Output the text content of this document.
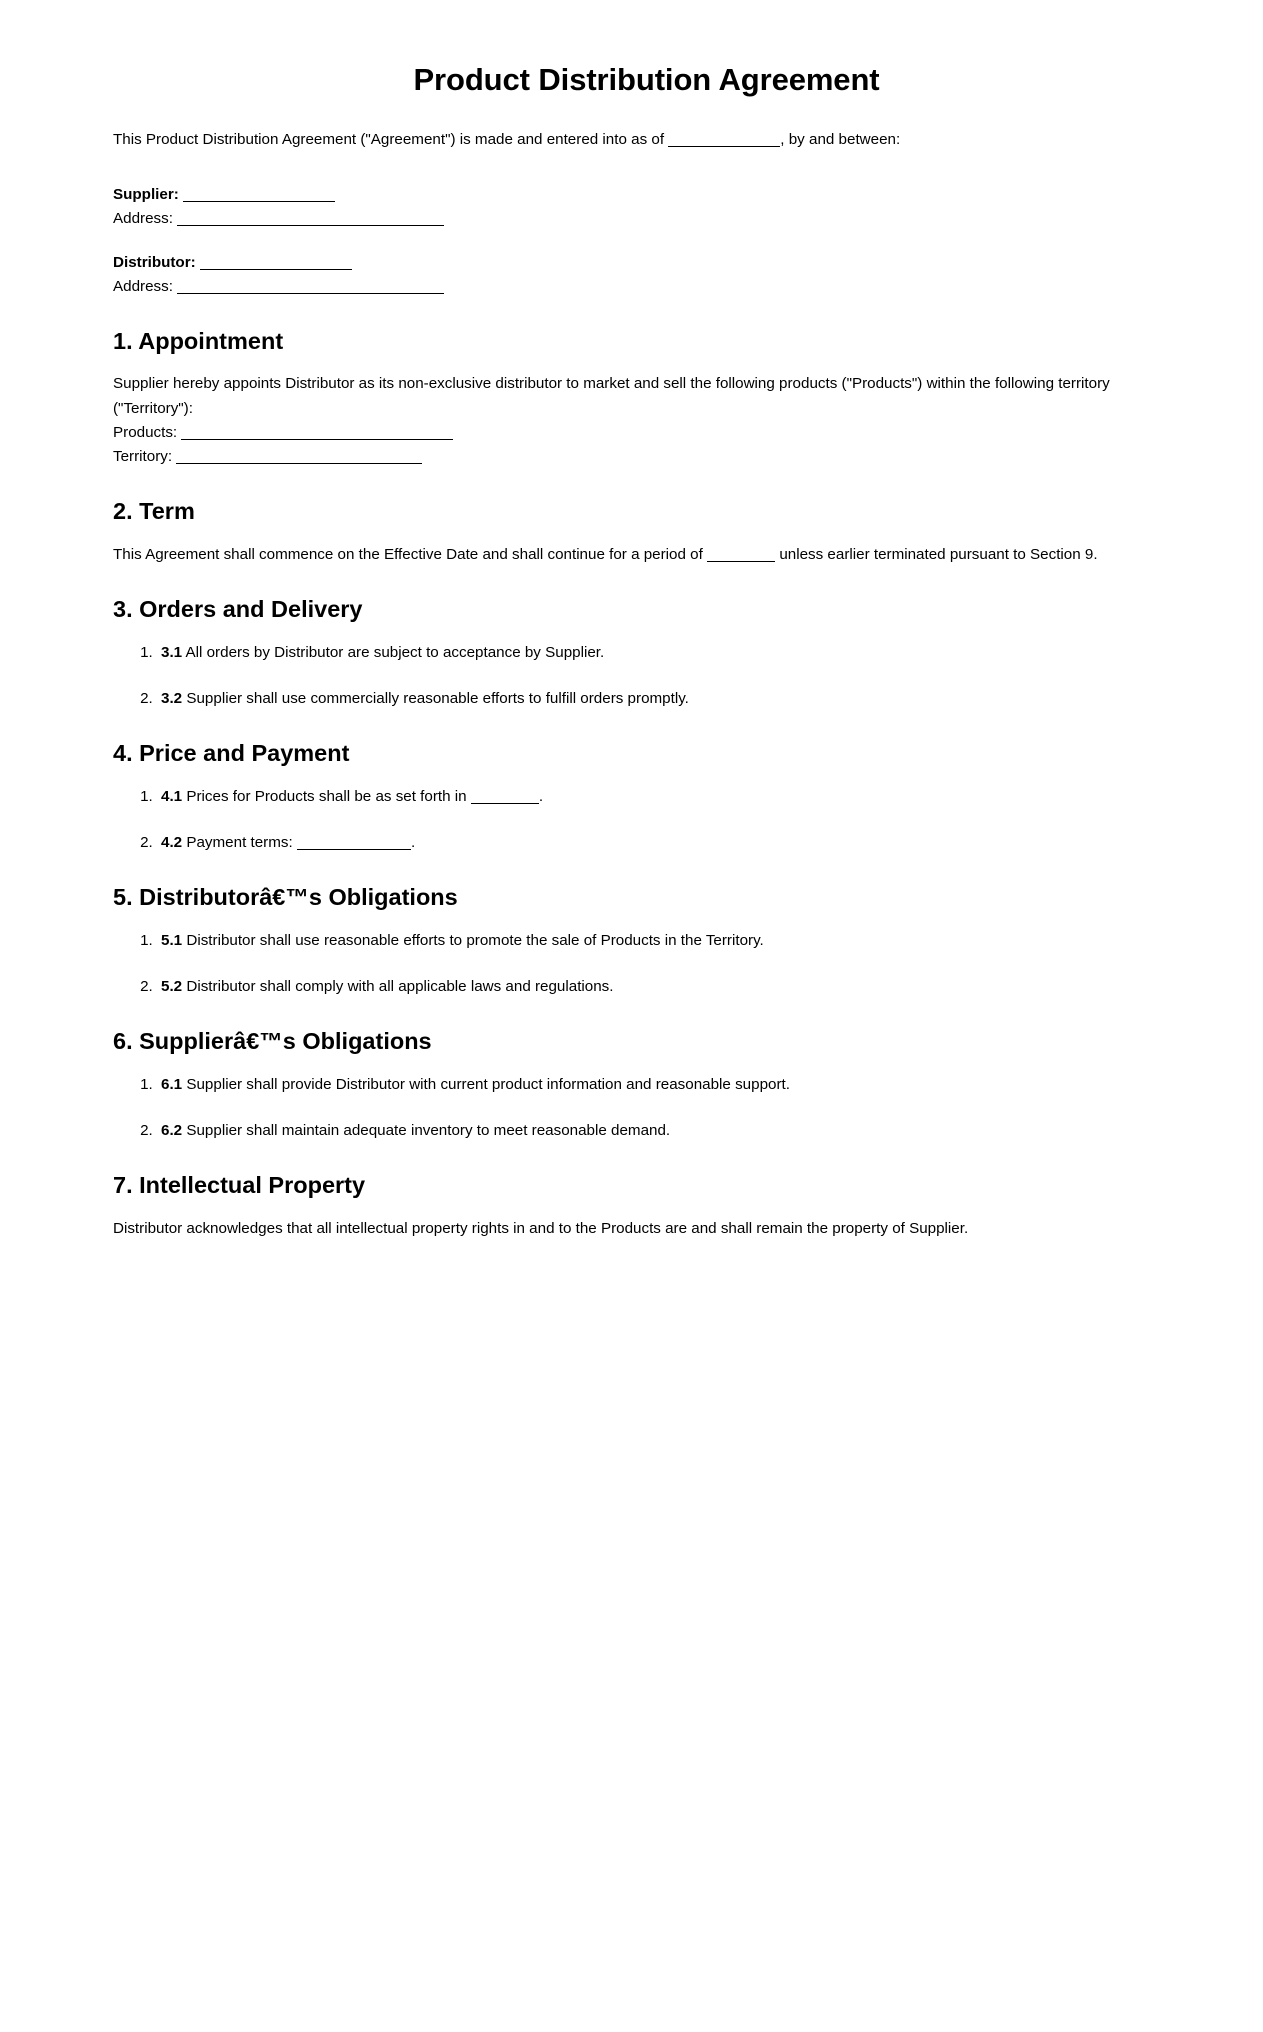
Product Distribution Agreement

This Product Distribution Agreement ("Agreement") is made and entered into as of	, by and between:

Supplier:
Address:
Distributor:
Address:
1. Appointment

Supplier hereby appoints Distributor as its non-exclusive distributor to market and sell the following products ("Products") within the following territory ("Territory"):

Products:
Territory:
2. Term

This Agreement shall commence on the Effective Date and shall continue for a period of	unless earlier terminated pursuant to Section 9.

3. Orders and Delivery
1. 3.1 All orders by Distributor are subject to acceptance by Supplier.
2. 3.2 Supplier shall use commercially reasonable efforts to fulfill orders promptly.
4. Price and Payment
1. 4.1 Prices for Products shall be as set forth in	.
2. 4.2 Payment terms:	.
5. Distributorâ€™s Obligations
1. 5.1 Distributor shall use reasonable efforts to promote the sale of Products in the Territory.
2. 5.2 Distributor shall comply with all applicable laws and regulations.
6. Supplierâ€™s Obligations
1. 6.1 Supplier shall provide Distributor with current product information and reasonable support.
2. 6.2 Supplier shall maintain adequate inventory to meet reasonable demand.
7. Intellectual Property

Distributor acknowledges that all intellectual property rights in and to the Products are and shall remain the property of Supplier.
